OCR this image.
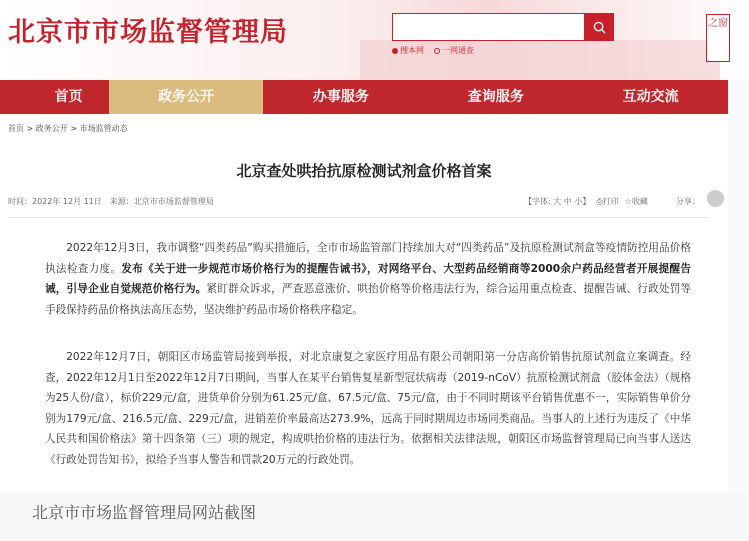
北京市市场监督管理局
搜本网 一网通查
之窗
首页	政务公开	办事服务	查询服务	互动交流
首页 > 政务公开 > 市场监管动态
北京查处哄抬抗原检测试剂盒价格首案
时间：2022年 12月 11日　来源：北京市市场监督管理局	【字体: 大 中 小】 ⎙打印 ☆收藏	分享：
2022年12月3日，我市调整“四类药品”购买措施后，全市市场监管部门持续加大对“四类药品”及抗原检测试剂盒等疫情防控用品价格执法检查力度。发布《关于进一步规范市场价格行为的提醒告诫书》，对网络平台、大型药品经销商等2000余户药品经营者开展提醒告诫，引导企业自觉规范价格行为。紧盯群众诉求，严查恶意涨价、哄抬价格等价格违法行为，综合运用重点检查、提醒告诫、行政处罚等手段保持药品价格执法高压态势，坚决维护药品市场价格秩序稳定。
2022年12月7日，朝阳区市场监管局接到举报，对北京康复之家医疗用品有限公司朝阳第一分店高价销售抗原试剂盒立案调查。经查，2022年12月1日至2022年12月7日期间，当事人在某平台销售复星新型冠状病毒（2019-nCoV）抗原检测试剂盒（胶体金法）（规格为25人份/盒），标价229元/盒，进货单价分别为61.25元/盒、67.5元/盒、75元/盒，由于不同时期该平台销售优惠不一，实际销售单价分别为179元/盒、216.5元/盒、229元/盒，进销差价率最高达273.9%，远高于同时期周边市场同类商品。当事人的上述行为违反了《中华人民共和国价格法》第十四条第（三）项的规定，构成哄抬价格的违法行为。依据相关法律法规，朝阳区市场监督管理局已向当事人送达《行政处罚告知书》，拟给予当事人警告和罚款20万元的行政处罚。
北京市市场监督管理局网站截图
